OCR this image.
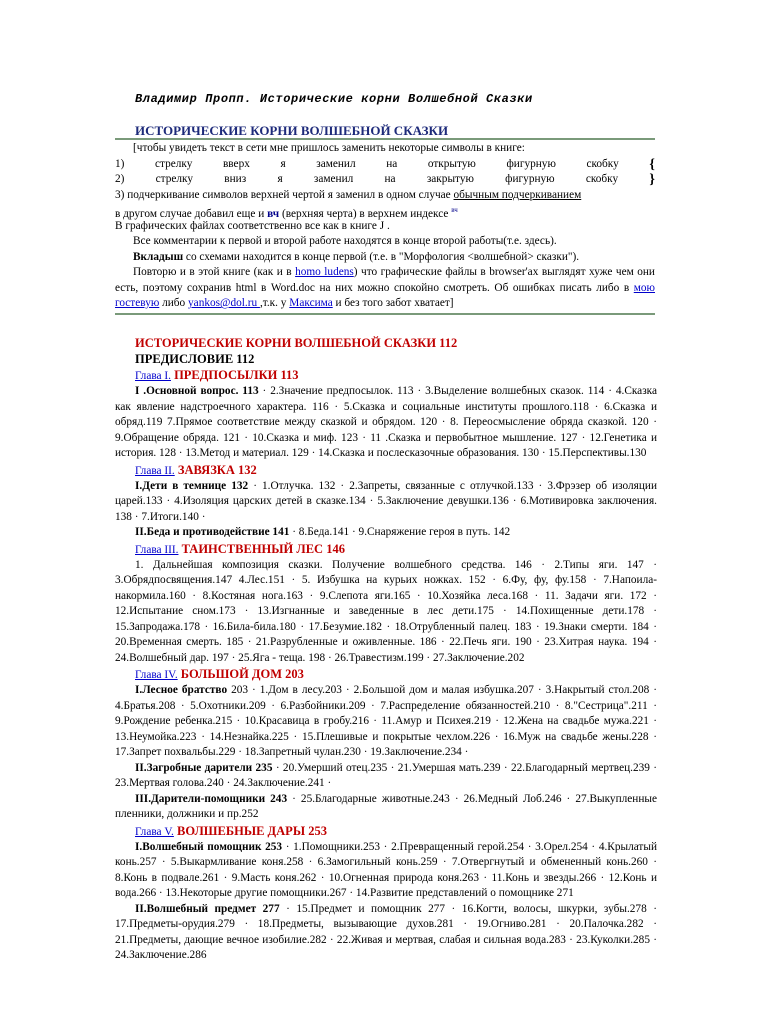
Владимир Пропп. Исторические корни Волшебной Сказки
ИСТОРИЧЕСКИЕ КОРНИ ВОЛШЕБНОЙ СКАЗКИ
[чтобы увидеть текст в сети мне пришлось заменить некоторые символы в книге:
1)	стрелку	вверх	я	заменил	на	открытую	фигурную	скобку {
2)	стрелку	вниз	я	заменил	на	закрытую	фигурную	скобку }
3) подчеркивание символов верхней чертой я заменил в одном случае обычным подчеркиванием
в другом случае добавил еще и вч (верхняя черта) в верхнем индексе $^{вч}$
В графических файлах соответственно все как в книге J .
Все комментарии к первой и второй работе находятся в конце второй работы(т.е. здесь).
Вкладыш со схемами находится в конце первой (т.е. в "Морфология <волшебной> сказки").
Повторю и в этой книге (как и в homo ludens) что графические файлы в browser'ах выглядят хуже чем они есть, поэтому сохранив html в Word.doc на них можно спокойно смотреть. Об ошибках писать либо в мою гостевую либо yankos@dol.ru ,т.к. у Максима и без того забот хватает]
ИСТОРИЧЕСКИЕ КОРНИ ВОЛШЕБНОЙ СКАЗКИ 112
ПРЕДИСЛОВИЕ 112
Глава I. ПРЕДПОСЫЛКИ 113
I .Основной вопрос. 113 · 2.Значение предпосылок. 113 · 3.Выделение волшебных сказок. 114 · 4.Сказка как явление надстроечного характера. 116 · 5.Сказка и социальные институты прошлого.118 · 6.Сказка и обряд.119 7.Прямое соответствие между сказкой и обрядом. 120 · 8. Переосмысление обряда сказкой. 120 · 9.Обращение обряда. 121 · 10.Сказка и миф. 123 · 11 .Сказка и первобытное мышление. 127 · 12.Генетика и история. 128 · 13.Метод и материал. 129 · 14.Сказка и послесказочные образования. 130 · 15.Перспективы.130
Глава II. ЗАВЯЗКА 132
I.Дети в темнице 132 · 1.Отлучка. 132 · 2.Запреты, связанные с отлучкой.133 · 3.Фрэзер об изоляции царей.133 · 4.Изоляция царских детей в сказке.134 · 5.Заключение девушки.136 · 6.Мотивировка заключения. 138 · 7.Итоги.140 ·
II.Беда и противодействие 141 · 8.Беда.141 · 9.Снаряжение героя в путь. 142
Глава III. ТАИНСТВЕННЫЙ ЛЕС 146
1. Дальнейшая композиция сказки. Получение волшебного средства. 146 · 2.Типы яги. 147 · 3.Обрядпосвящения.147 4.Лес.151 · 5. Избушка на курьих ножках. 152 · 6.Фу, фу, фу.158 · 7.Напоила-накормила.160 · 8.Костяная нога.163 · 9.Слепота яги.165 · 10.Хозяйка леса.168 · 11. Задачи яги. 172 · 12.Испытание сном.173 · 13.Изгнанные и заведенные в лес дети.175 · 14.Похищенные дети.178 · 15.Запродажа.178 · 16.Била-била.180 · 17.Безумие.182 · 18.Отрубленный палец. 183 · 19.Знаки смерти. 184 · 20.Временная смерть. 185 · 21.Разрубленные и оживленные. 186 · 22.Печь яги. 190 · 23.Хитрая наука. 194 · 24.Волшебный дар. 197 · 25.Яга - теща. 198 · 26.Травестизм.199 · 27.Заключение.202
Глава IV. БОЛЬШОЙ ДОМ 203
I.Лесное братство 203 · 1.Дом в лесу.203 · 2.Большой дом и малая избушка.207 · 3.Накрытый стол.208 · 4.Братья.208 · 5.Охотники.209 · 6.Разбойники.209 · 7.Распределение обязанностей.210 · 8."Сестрица".211 · 9.Рождение ребенка.215 · 10.Красавица в гробу.216 · 11.Амур и Психея.219 · 12.Жена на свадьбе мужа.221 · 13.Неумойка.223 · 14.Незнайка.225 · 15.Плешивые и покрытые чехлом.226 · 16.Муж на свадьбе жены.228 · 17.Запрет похвальбы.229 · 18.Запретный чулан.230 · 19.Заключение.234 ·
II.Загробные дарители 235 · 20.Умерший отец.235 · 21.Умершая мать.239 · 22.Благодарный мертвец.239 · 23.Мертвая голова.240 · 24.Заключение.241 ·
III.Дарители-помощники 243 · 25.Благодарные животные.243 · 26.Медный Лоб.246 · 27.Выкупленные пленники, должники и пр.252
Глава V. ВОЛШЕБНЫЕ ДАРЫ 253
I.Волшебный помощник 253 · 1.Помощники.253 · 2.Превращенный герой.254 · 3.Орел.254 · 4.Крылатый конь.257 · 5.Выкармливание коня.258 · 6.Замогильный конь.259 · 7.Отвергнутый и обмененный конь.260 · 8.Конь в подвале.261 · 9.Масть коня.262 · 10.Огненная природа коня.263 · 11.Конь и звезды.266 · 12.Конь и вода.266 · 13.Некоторые другие помощники.267 · 14.Развитие представлений о помощнике 271
II.Волшебный предмет 277 · 15.Предмет и помощник 277 · 16.Когти, волосы, шкурки, зубы.278 · 17.Предметы-орудия.279 · 18.Предметы, вызывающие духов.281 · 19.Огниво.281 · 20.Палочка.282 · 21.Предметы, дающие вечное изобилие.282 · 22.Живая и мертвая, слабая и сильная вода.283 · 23.Куколки.285 · 24.Заключение.286
